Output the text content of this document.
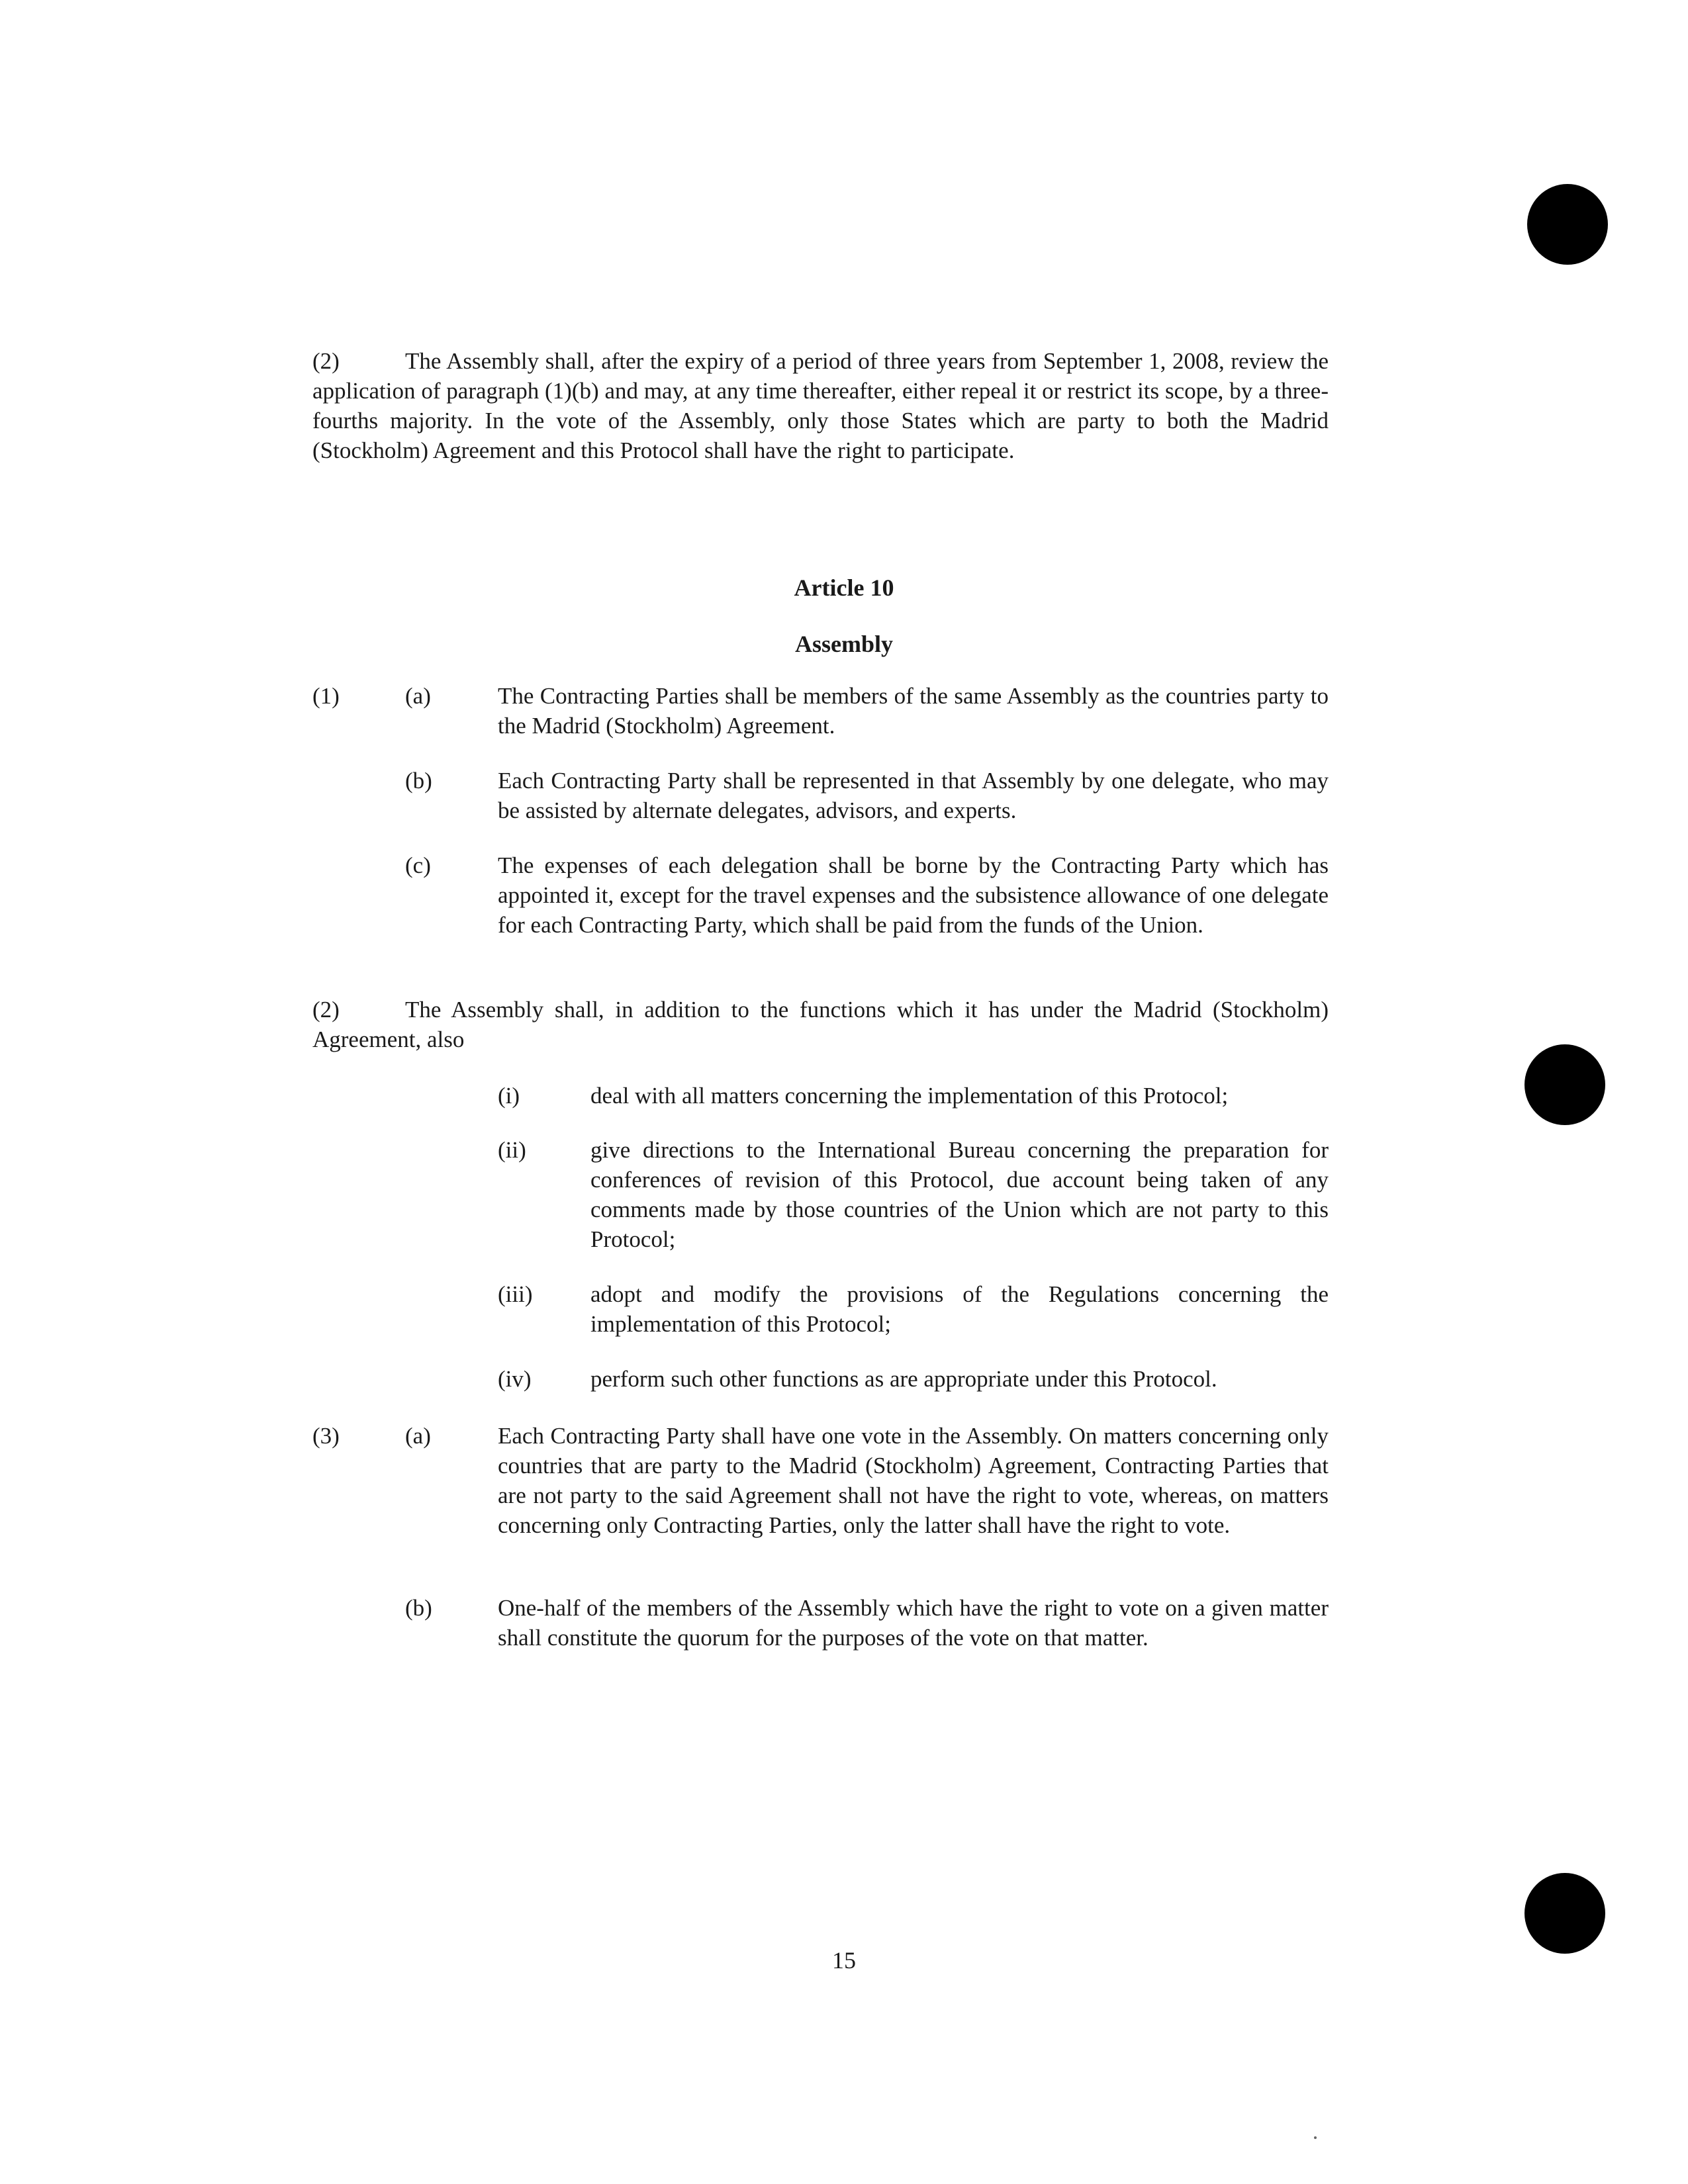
(2)	The Assembly shall, after the expiry of a period of three years from September 1, 2008, review the application of paragraph (1)(b) and may, at any time thereafter, either repeal it or restrict its scope, by a three-fourths majority. In the vote of the Assembly, only those States which are party to both the Madrid (Stockholm) Agreement and this Protocol shall have the right to participate.
Article 10
Assembly
(1)	(a)	The Contracting Parties shall be members of the same Assembly as the countries party to the Madrid (Stockholm) Agreement.
(b)	Each Contracting Party shall be represented in that Assembly by one delegate, who may be assisted by alternate delegates, advisors, and experts.
(c)	The expenses of each delegation shall be borne by the Contracting Party which has appointed it, except for the travel expenses and the subsistence allowance of one delegate for each Contracting Party, which shall be paid from the funds of the Union.
(2)	The Assembly shall, in addition to the functions which it has under the Madrid (Stockholm) Agreement, also
(i)	deal with all matters concerning the implementation of this Protocol;
(ii)	give directions to the International Bureau concerning the preparation for conferences of revision of this Protocol, due account being taken of any comments made by those countries of the Union which are not party to this Protocol;
(iii)	adopt and modify the provisions of the Regulations concerning the implementation of this Protocol;
(iv)	perform such other functions as are appropriate under this Protocol.
(3)	(a)	Each Contracting Party shall have one vote in the Assembly. On matters concerning only countries that are party to the Madrid (Stockholm) Agreement, Contracting Parties that are not party to the said Agreement shall not have the right to vote, whereas, on matters concerning only Contracting Parties, only the latter shall have the right to vote.
(b)	One-half of the members of the Assembly which have the right to vote on a given matter shall constitute the quorum for the purposes of the vote on that matter.
15
